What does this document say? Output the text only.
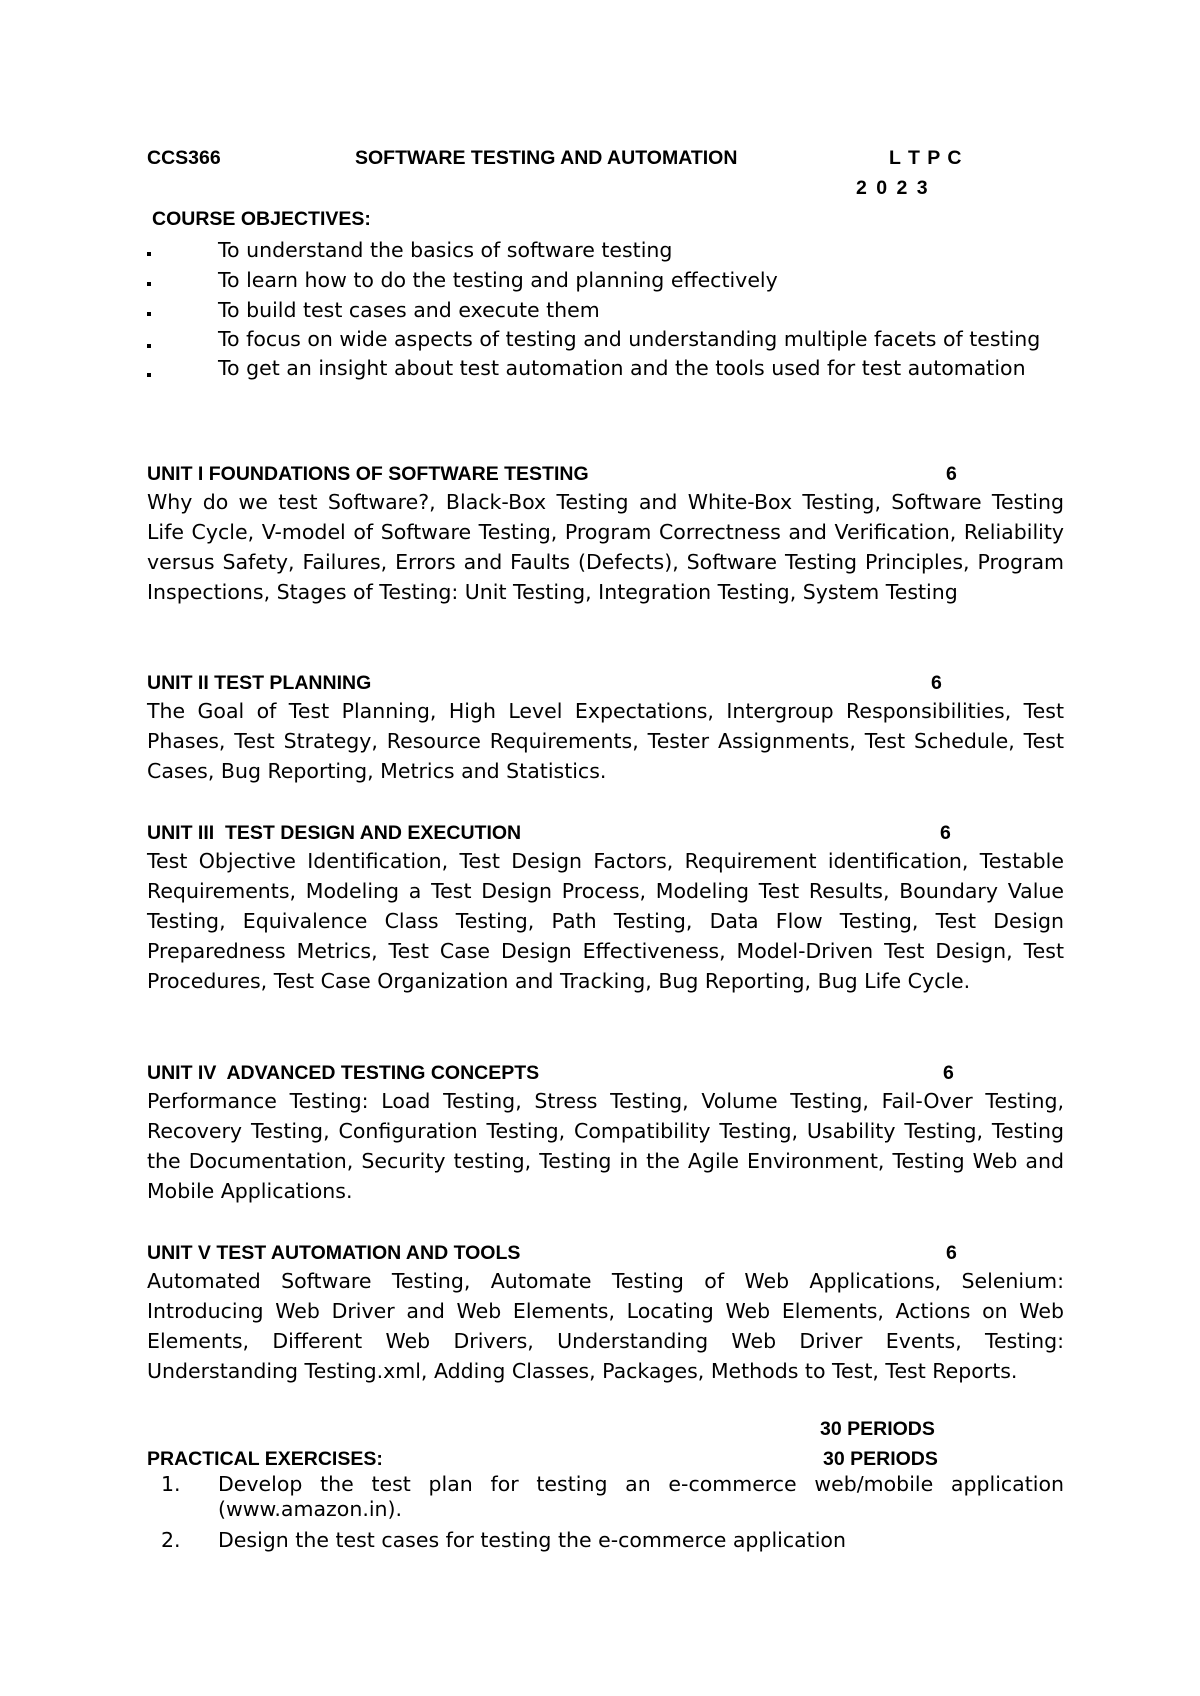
CCS366	SOFTWARE TESTING AND AUTOMATION	L T P C
2 0 2 3
COURSE OBJECTIVES:
To understand the basics of software testing
To learn how to do the testing and planning effectively
To build test cases and execute them
To focus on wide aspects of testing and understanding multiple facets of testing
To get an insight about test automation and the tools used for test automation
UNIT I FOUNDATIONS OF SOFTWARE TESTING	6
Why do we test Software?, Black-Box Testing and White-Box Testing, Software Testing Life Cycle, V-model of Software Testing, Program Correctness and Verification, Reliability versus Safety, Failures, Errors and Faults (Defects), Software Testing Principles, Program Inspections, Stages of Testing: Unit Testing, Integration Testing, System Testing
UNIT II TEST PLANNING	6
The Goal of Test Planning, High Level Expectations, Intergroup Responsibilities, Test Phases, Test Strategy, Resource Requirements, Tester Assignments, Test Schedule, Test Cases, Bug Reporting, Metrics and Statistics.
UNIT III  TEST DESIGN AND EXECUTION	6
Test Objective Identification, Test Design Factors, Requirement identification, Testable Requirements, Modeling a Test Design Process, Modeling Test Results, Boundary Value Testing, Equivalence Class Testing, Path Testing, Data Flow Testing, Test Design Preparedness Metrics, Test Case Design Effectiveness, Model-Driven Test Design, Test Procedures, Test Case Organization and Tracking, Bug Reporting, Bug Life Cycle.
UNIT IV  ADVANCED TESTING CONCEPTS	6
Performance Testing: Load Testing, Stress Testing, Volume Testing, Fail-Over Testing, Recovery Testing, Configuration Testing, Compatibility Testing, Usability Testing, Testing the Documentation, Security testing, Testing in the Agile Environment, Testing Web and Mobile Applications.
UNIT V TEST AUTOMATION AND TOOLS	6
Automated Software Testing, Automate Testing of Web Applications, Selenium: Introducing Web Driver and Web Elements, Locating Web Elements, Actions on Web Elements, Different Web Drivers, Understanding Web Driver Events, Testing: Understanding Testing.xml, Adding Classes, Packages, Methods to Test, Test Reports.
30 PERIODS
PRACTICAL EXERCISES:	30 PERIODS
1. Develop the test plan for testing an e-commerce web/mobile application (www.amazon.in).
2. Design the test cases for testing the e-commerce application
